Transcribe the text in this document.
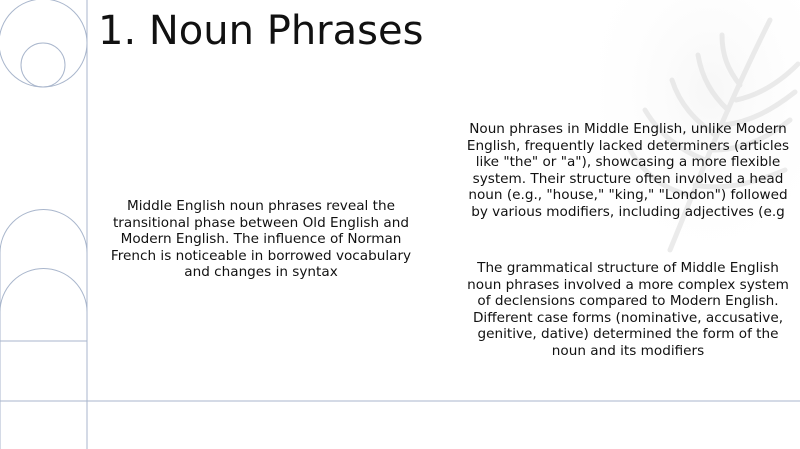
1. Noun Phrases

Middle English noun phrases reveal the transitional phase between Old English and Modern English. The influence of Norman French is noticeable in borrowed vocabulary and changes in syntax

Noun phrases in Middle English, unlike Modern English, frequently lacked determiners (articles like "the" or "a"), showcasing a more flexible system. Their structure often involved a head noun (e.g., "house," "king," "London") followed by various modifiers, including adjectives (e.g

The grammatical structure of Middle English noun phrases involved a more complex system of declensions compared to Modern English. Different case forms (nominative, accusative, genitive, dative) determined the form of the noun and its modifiers
